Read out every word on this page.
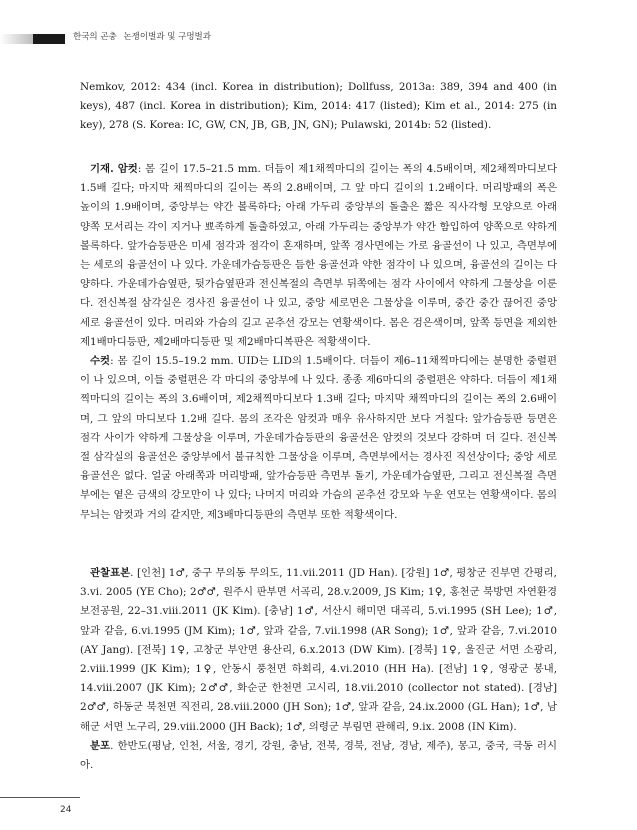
한국의 곤충 논쟁이벌과 및 구멍벌과

Nemkov, 2012: 434 (incl. Korea in distribution); Dollfuss, 2013a: 389, 394 and 400 (in keys), 487 (incl. Korea in distribution); Kim, 2014: 417 (listed); Kim et al., 2014: 275 (in key), 278 (S. Korea: IC, GW, CN, JB, GB, JN, GN); Pulawski, 2014b: 52 (listed).

기재. 암컷: 몸 길이 17.5–21.5 mm. 더듬이 제1채찍마디의 길이는 폭의 4.5배이며, 제2채찍마디보다 1.5배 길다; 마지막 채찍마디의 길이는 폭의 2.8배이며, 그 앞 마디 길이의 1.2배이다. 머리방패의 폭은 높이의 1.9배이며, 중앙부는 약간 볼록하다; 아래 가두리 중앙부의 돌출은 짧은 직사각형 모양으로 아래 양쪽 모서리는 각이 지거나 뾰족하게 돌출하였고, 아래 가두리는 중앙부가 약간 함입하여 양쪽으로 약하게 볼록하다. 앞가슴등판은 미세 점각과 점각이 혼재하며, 앞쪽 경사면에는 가로 융골선이 나 있고, 측면부에는 세로의 융골선이 나 있다. 가운데가슴등판은 듬한 융골선과 약한 점각이 나 있으며, 융골선의 길이는 다양하다. 가운데가슴옆판, 뒷가슴옆판과 전신복절의 측면부 뒤쪽에는 점각 사이에서 약하게 그물상을 이룬다. 전신복절 삼각실은 경사진 융골선이 나 있고, 중앙 세로면은 그물상을 이루며, 중간 중간 끊어진 중앙 세로 융골선이 있다. 머리와 가슴의 길고 곧추선 강모는 연황색이다. 몸은 검은색이며, 앞쪽 등면을 제외한 제1배마디등판, 제2배마디등판 및 제2배마디복판은 적황색이다.

수컷: 몸 길이 15.5–19.2 mm. UID는 LID의 1.5배이다. 더듬이 제6–11채찍마디에는 분명한 중렬편이 나 있으며, 이들 중렬편은 각 마디의 중앙부에 나 있다. 종종 제6마디의 중렬편은 약하다. 더듬이 제1채찍마디의 길이는 폭의 3.6배이며, 제2채찍마디보다 1.3배 길다; 마지막 채찍마디의 길이는 폭의 2.6배이며, 그 앞의 마디보다 1.2배 길다. 몸의 조각은 암컷과 매우 유사하지만 보다 거칠다: 앞가슴등판 등면은 점각 사이가 약하게 그물상을 이루며, 가운데가슴등판의 융골선은 암컷의 것보다 강하며 더 길다. 전신복절 삼각실의 융골선은 중앙부에서 불규칙한 그물상을 이루며, 측면부에서는 경사진 직선상이다; 중앙 세로 융골선은 없다. 얼굴 아래쪽과 머리방패, 앞가슴등판 측면부 돌기, 가운데가슴옆판, 그리고 전신복절 측면부에는 옅은 금색의 강모만이 나 있다; 나머지 머리와 가슴의 곧추선 강모와 누운 연모는 연황색이다. 몸의 무늬는 암컷과 거의 같지만, 제3배마디등판의 측면부 또한 적황색이다.

관찰표본. [인천] 1♂, 중구 무의동 무의도, 11.vii.2011 (JD Han). [강원] 1♂, 평창군 진부면 간평리, 3.vi. 2005 (YE Cho); 2♂♂, 원주시 판부면 서곡리, 28.v.2009, JS Kim; 1♀, 홍천군 북방면 자연환경보전공원, 22–31.viii.2011 (JK Kim). [충남] 1♂, 서산시 해미면 대곡리, 5.vi.1995 (SH Lee); 1♂, 앞과 같음, 6.vi.1995 (JM Kim); 1♂, 앞과 같음, 7.vii.1998 (AR Song); 1♂, 앞과 같음, 7.vi.2010 (AY Jang). [전북] 1♀, 고창군 부안면 용산리, 6.x.2013 (DW Kim). [경북] 1♀, 울진군 서면 소광리, 2.viii.1999 (JK Kim); 1♀, 안동시 풍천면 하회리, 4.vi.2010 (HH Ha). [전남] 1♀, 영광군 봉내, 14.viii.2007 (JK Kim); 2♂♂, 화순군 한천면 고시리, 18.vii.2010 (collector not stated). [경남] 2♂♂, 하동군 북천면 직전리, 28.viii.2000 (JH Son); 1♂, 앞과 같음, 24.ix.2000 (GL Han); 1♂, 남해군 서면 노구리, 29.viii.2000 (JH Back); 1♂, 의령군 부림면 관해리, 9.ix. 2008 (IN Kim).

분포. 한반도(평남, 인천, 서울, 경기, 강원, 충남, 전북, 경북, 전남, 경남, 제주), 몽고, 중국, 극동 러시아.

24
